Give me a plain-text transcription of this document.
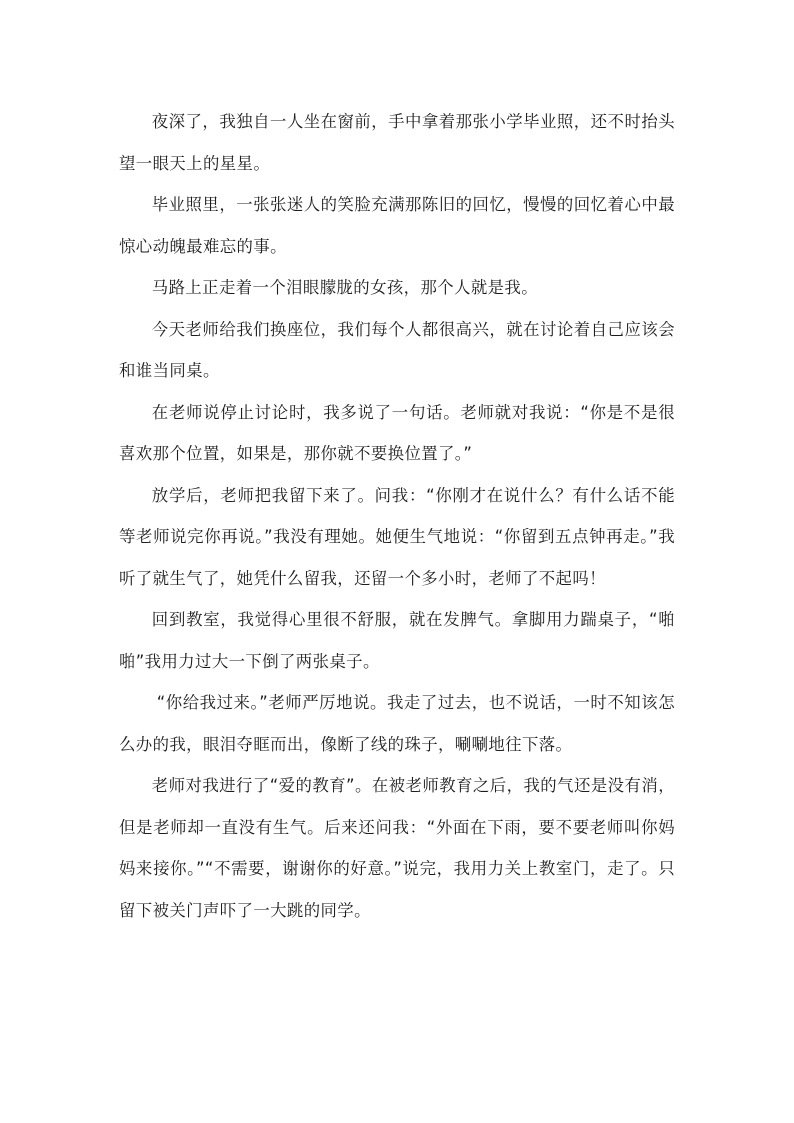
夜深了，我独自一人坐在窗前，手中拿着那张小学毕业照，还不时抬头望一眼天上的星星。

毕业照里，一张张迷人的笑脸充满那陈旧的回忆，慢慢的回忆着心中最惊心动魄最难忘的事。

马路上正走着一个泪眼朦胧的女孩，那个人就是我。

今天老师给我们换座位，我们每个人都很高兴，就在讨论着自己应该会和谁当同桌。

在老师说停止讨论时，我多说了一句话。老师就对我说：“你是不是很喜欢那个位置，如果是，那你就不要换位置了。”

放学后，老师把我留下来了。问我：“你刚才在说什么？有什么话不能等老师说完你再说。”我没有理她。她便生气地说：“你留到五点钟再走。”我听了就生气了，她凭什么留我，还留一个多小时，老师了不起吗！

回到教室，我觉得心里很不舒服，就在发脾气。拿脚用力踹桌子，“啪啪”我用力过大一下倒了两张桌子。

“你给我过来。”老师严厉地说。我走了过去，也不说话，一时不知该怎么办的我，眼泪夺眶而出，像断了线的珠子，唰唰地往下落。

老师对我进行了“爱的教育”。在被老师教育之后，我的气还是没有消，但是老师却一直没有生气。后来还问我：“外面在下雨，要不要老师叫你妈妈来接你。”“不需要，谢谢你的好意。”说完，我用力关上教室门，走了。只留下被关门声吓了一大跳的同学。
